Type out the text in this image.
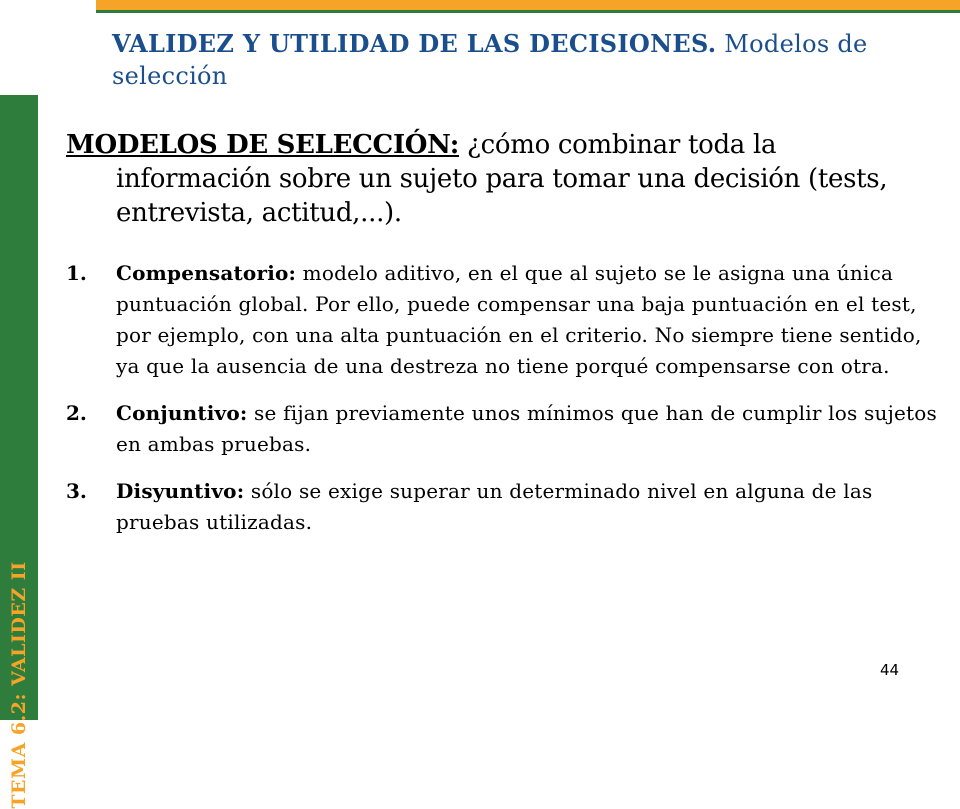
TEMA 6.2: VALIDEZ II
VALIDEZ Y UTILIDAD DE LAS DECISIONES. Modelos de selección
MODELOS DE SELECCIÓN: ¿cómo combinar toda la información sobre un sujeto para tomar una decisión (tests, entrevista, actitud,...).
1. Compensatorio: modelo aditivo, en el que al sujeto se le asigna una única puntuación global. Por ello, puede compensar una baja puntuación en el test, por ejemplo, con una alta puntuación en el criterio. No siempre tiene sentido, ya que la ausencia de una destreza no tiene porqué compensarse con otra.
2. Conjuntivo: se fijan previamente unos mínimos que han de cumplir los sujetos en ambas pruebas.
3. Disyuntivo: sólo se exige superar un determinado nivel en alguna de las pruebas utilizadas.
44
